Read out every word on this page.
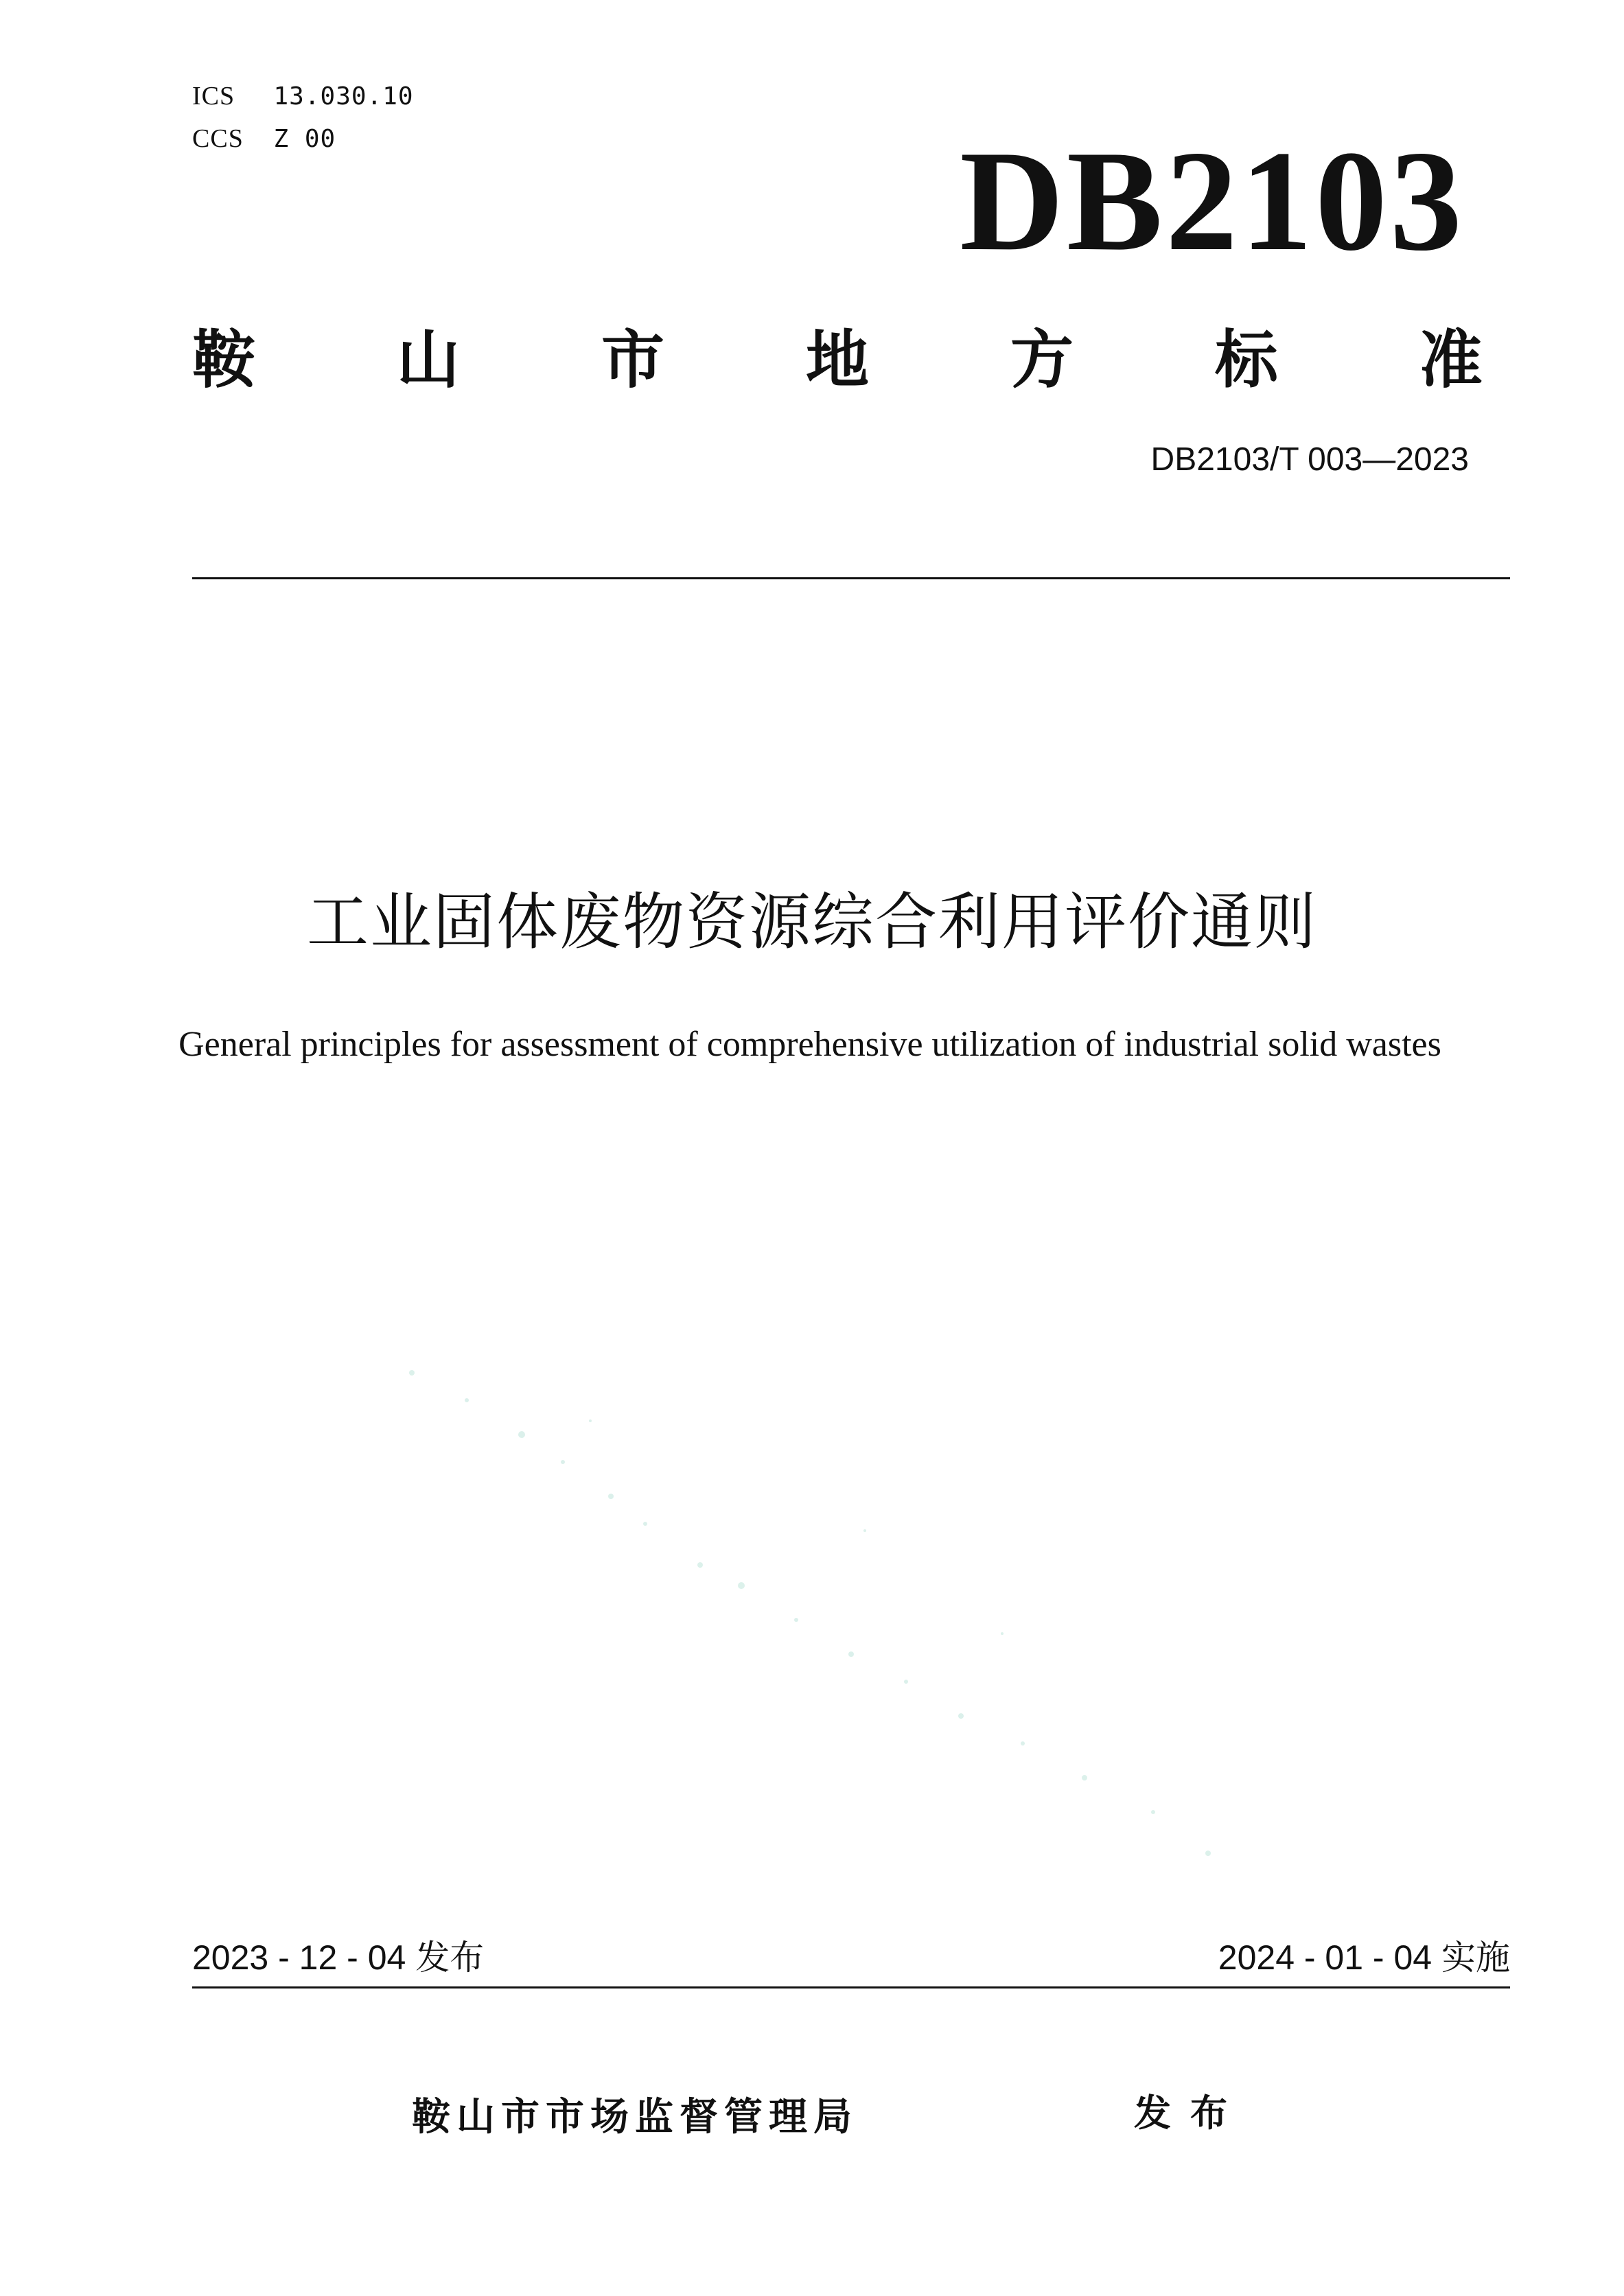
ICS 13.030.10
CCS Z 00	DB2103
鞍 山 市 地 方 标 准
DB2103/T 003—2023
工业固体废物资源综合利用评价通则
General principles for assessment of comprehensive utilization of industrial solid wastes
2023 - 12 - 04 发布	2024 - 01 - 04 实施
鞍山市市场监督管理局	发布
